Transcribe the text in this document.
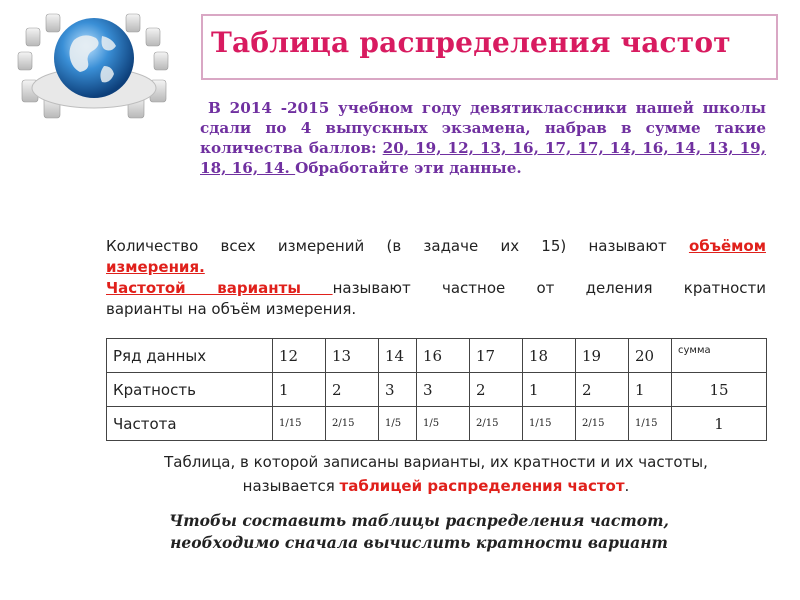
Таблица распределения частот
В 2014 -2015 учебном году девятиклассники нашей школы сдали по 4 выпускных экзамена, набрав в сумме такие количества баллов: 20, 19, 12, 13, 16, 17, 17, 14, 16, 14, 13, 19, 18, 16, 14. Обработайте эти данные.
Количество всех измерений (в задаче их 15) называют объёмом
измерения.
Частотой варианты называют частное от деления кратности
варианты на объём измерения.
Ряд данных	12	13	14	16	17	18	19	20	сумма
Кратность	1	2	3	3	2	1	2	1	15
Частота	1/15	2/15	1/5	1/5	2/15	1/15	2/15	1/15	1
Таблица, в которой записаны варианты, их кратности и их частоты,
называется таблицей распределения частот.
Чтобы составить таблицы распределения частот,
необходимо сначала вычислить кратности вариант
